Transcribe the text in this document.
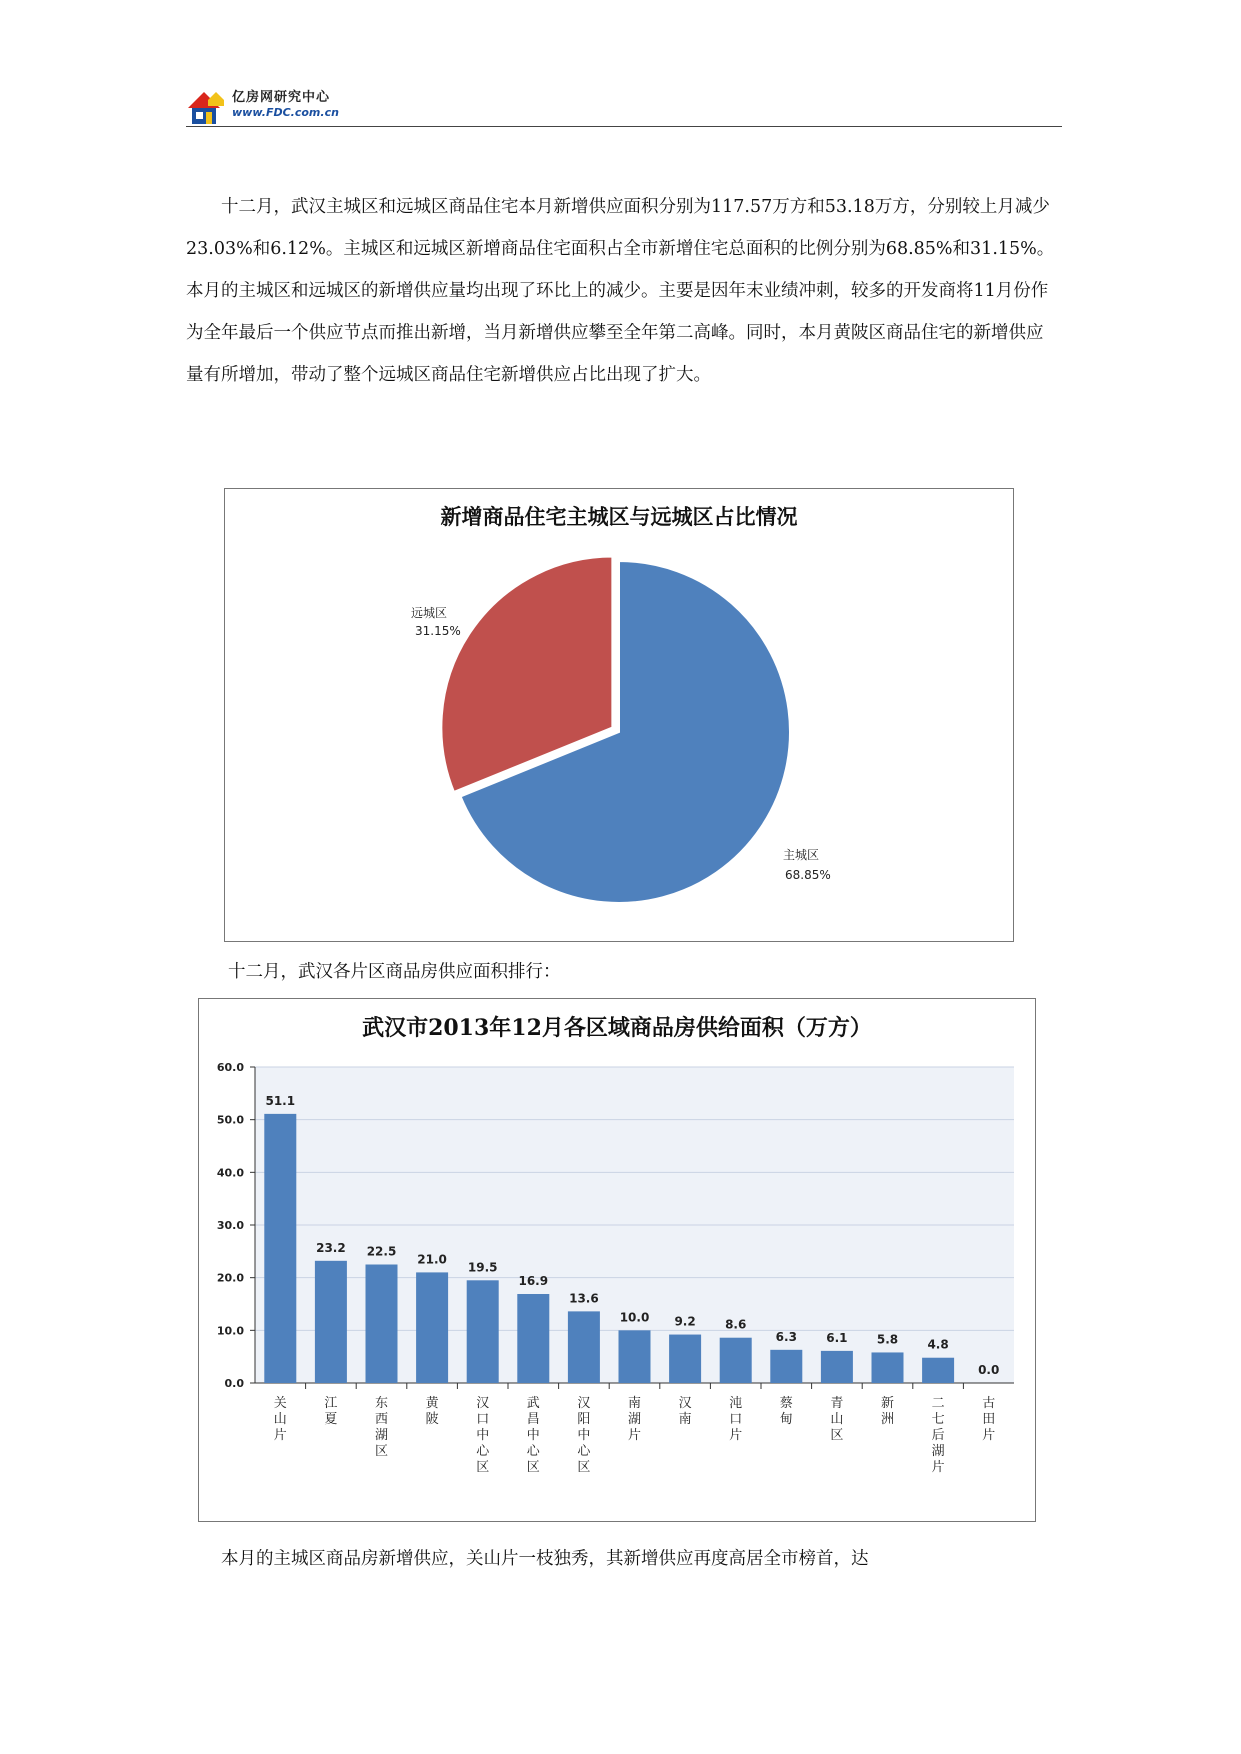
亿房网研究中心
www.FDC.com.cn

十二月，武汉主城区和远城区商品住宅本月新增供应面积分别为117.57万方和53.18万方，分别较上月减少23.03%和6.12%。主城区和远城区新增商品住宅面积占全市新增住宅总面积的比例分别为68.85%和31.15%。本月的主城区和远城区的新增供应量均出现了环比上的减少。主要是因年末业绩冲刺，较多的开发商将11月份作为全年最后一个供应节点而推出新增，当月新增供应攀至全年第二高峰。同时，本月黄陂区商品住宅的新增供应量有所增加，带动了整个远城区商品住宅新增供应占比出现了扩大。

新增商品住宅主城区与远城区占比情况
远城区
31.15%
主城区
68.85%
十二月，武汉各片区商品房供应面积排行：
武汉市2013年12月各区域商品房供给面积（万方）
0.0
10.0
20.0
30.0
40.0
50.0
60.0
51.1
关山片
23.2
江夏
22.5
东西湖区
21.0
黄陂
19.5
汉口中心区
16.9
武昌中心区
13.6
汉阳中心区
10.0
南湖片
9.2
汉南
8.6
沌口片
6.3
蔡甸
6.1
青山区
5.8
新洲
4.8
二七后湖片
0.0
古田片

本月的主城区商品房新增供应，关山片一枝独秀，其新增供应再度高居全市榜首，达
